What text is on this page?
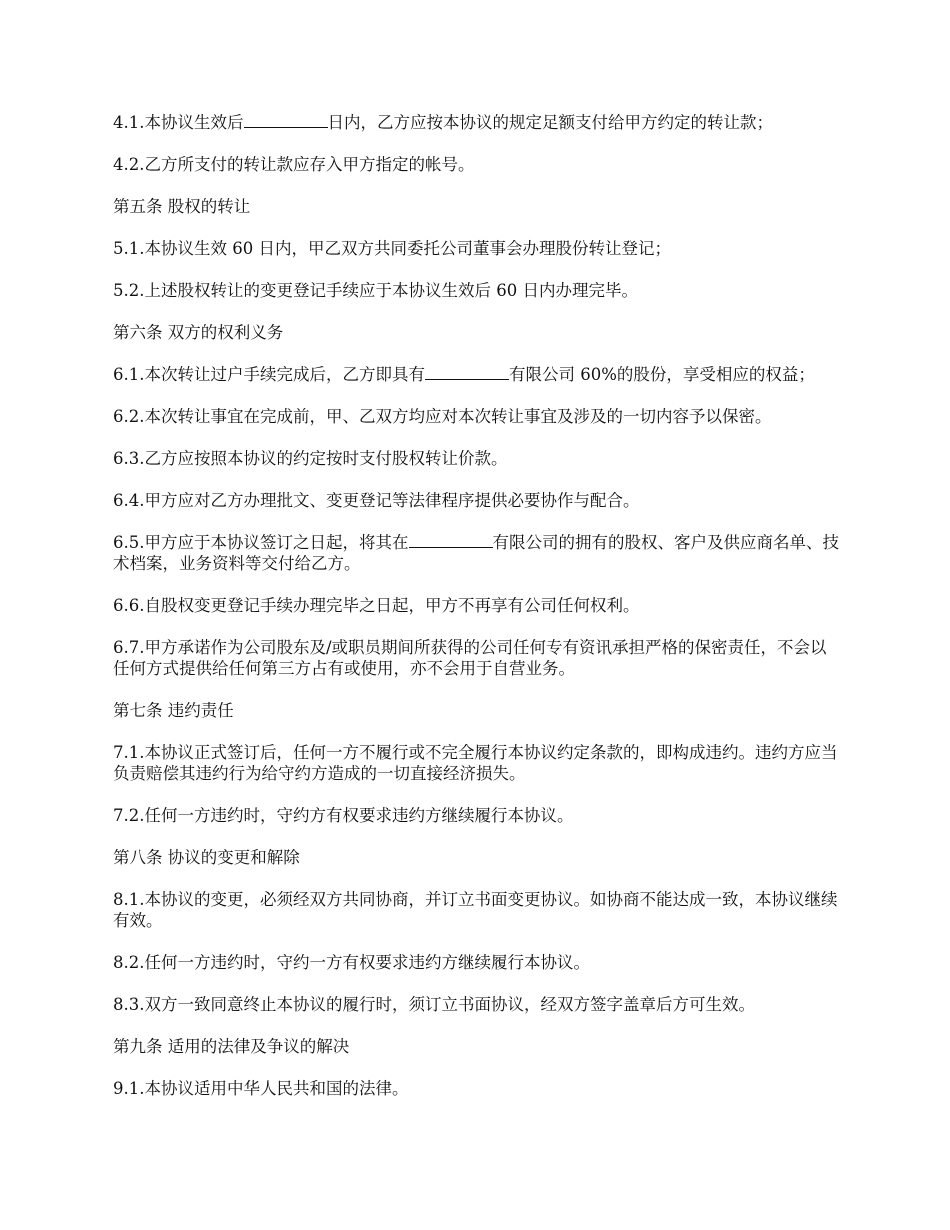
4.1.本协议生效后	日内，乙方应按本协议的规定足额支付给甲方约定的转让款；

4.2.乙方所支付的转让款应存入甲方指定的帐号。

第五条 股权的转让

5.1.本协议生效 60 日内，甲乙双方共同委托公司董事会办理股份转让登记；

5.2.上述股权转让的变更登记手续应于本协议生效后 60 日内办理完毕。

第六条 双方的权利义务

6.1.本次转让过户手续完成后，乙方即具有	有限公司 60%的股份，享受相应的权益；

6.2.本次转让事宜在完成前，甲、乙双方均应对本次转让事宜及涉及的一切内容予以保密。

6.3.乙方应按照本协议的约定按时支付股权转让价款。

6.4.甲方应对乙方办理批文、变更登记等法律程序提供必要协作与配合。

6.5.甲方应于本协议签订之日起，将其在	有限公司的拥有的股权、客户及供应商名单、技术档案，业务资料等交付给乙方。

6.6.自股权变更登记手续办理完毕之日起，甲方不再享有公司任何权利。

6.7.甲方承诺作为公司股东及/或职员期间所获得的公司任何专有资讯承担严格的保密责任，不会以任何方式提供给任何第三方占有或使用，亦不会用于自营业务。

第七条 违约责任

7.1.本协议正式签订后，任何一方不履行或不完全履行本协议约定条款的，即构成违约。违约方应当负责赔偿其违约行为给守约方造成的一切直接经济损失。

7.2.任何一方违约时，守约方有权要求违约方继续履行本协议。

第八条 协议的变更和解除

8.1.本协议的变更，必须经双方共同协商，并订立书面变更协议。如协商不能达成一致，本协议继续有效。

8.2.任何一方违约时，守约一方有权要求违约方继续履行本协议。

8.3.双方一致同意终止本协议的履行时，须订立书面协议，经双方签字盖章后方可生效。

第九条 适用的法律及争议的解决

9.1.本协议适用中华人民共和国的法律。
